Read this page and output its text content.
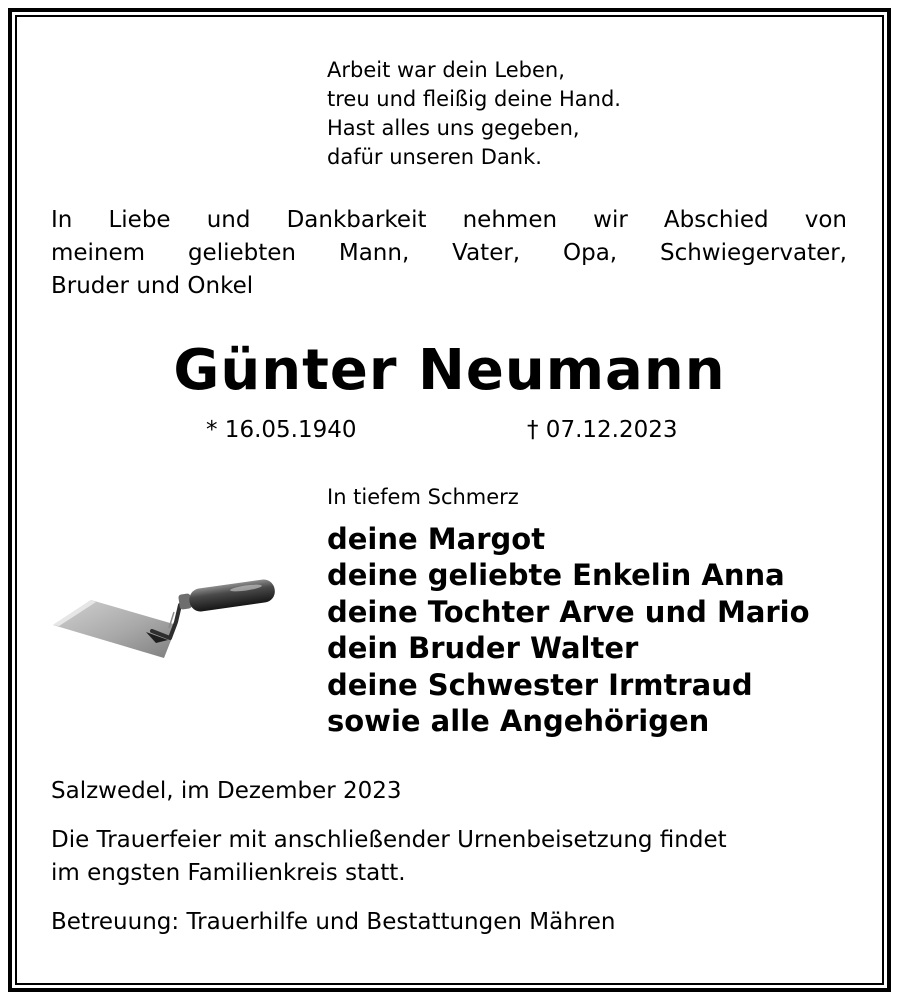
Arbeit war dein Leben,
treu und fleißig deine Hand.
Hast alles uns gegeben,
dafür unseren Dank.
In Liebe und Dankbarkeit nehmen wir Abschied von
meinem geliebten Mann, Vater, Opa, Schwiegervater,
Bruder und Onkel
Günter Neumann
* 16.05.1940	† 07.12.2023
In tiefem Schmerz
deine Margot
deine geliebte Enkelin Anna
deine Tochter Arve und Mario
dein Bruder Walter
deine Schwester Irmtraud
sowie alle Angehörigen
Salzwedel, im Dezember 2023
Die Trauerfeier mit anschließender Urnenbeisetzung findet
im engsten Familienkreis statt.
Betreuung: Trauerhilfe und Bestattungen Mähren
